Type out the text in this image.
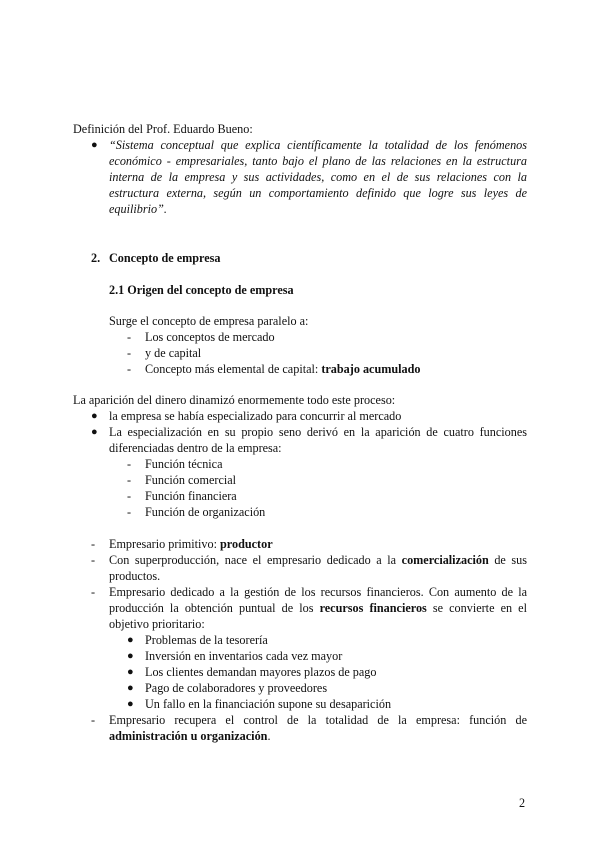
Definición del Prof. Eduardo Bueno:
● “Sistema conceptual que explica científicamente la totalidad de los fenómenos económico - empresariales, tanto bajo el plano de las relaciones en la estructura interna de la empresa y sus actividades, como en el de sus relaciones con la estructura externa, según un comportamiento definido que logre sus leyes de equilibrio”.
2. Concepto de empresa
2.1 Origen del concepto de empresa
Surge el concepto de empresa paralelo a:
- Los conceptos de mercado
- y de capital
- Concepto más elemental de capital: trabajo acumulado
La aparición del dinero dinamizó enormemente todo este proceso:
● la empresa se había especializado para concurrir al mercado
● La especialización en su propio seno derivó en la aparición de cuatro funciones diferenciadas dentro de la empresa:
- Función técnica
- Función comercial
- Función financiera
- Función de organización
- Empresario primitivo: productor
- Con superproducción, nace el empresario dedicado a la comercialización de sus productos.
- Empresario dedicado a la gestión de los recursos financieros. Con aumento de la producción la obtención puntual de los recursos financieros se convierte en el objetivo prioritario:
● Problemas de la tesorería
● Inversión en inventarios cada vez mayor
● Los clientes demandan mayores plazos de pago
● Pago de colaboradores y proveedores
● Un fallo en la financiación supone su desaparición
- Empresario recupera el control de la totalidad de la empresa: función de administración u organización.
2
